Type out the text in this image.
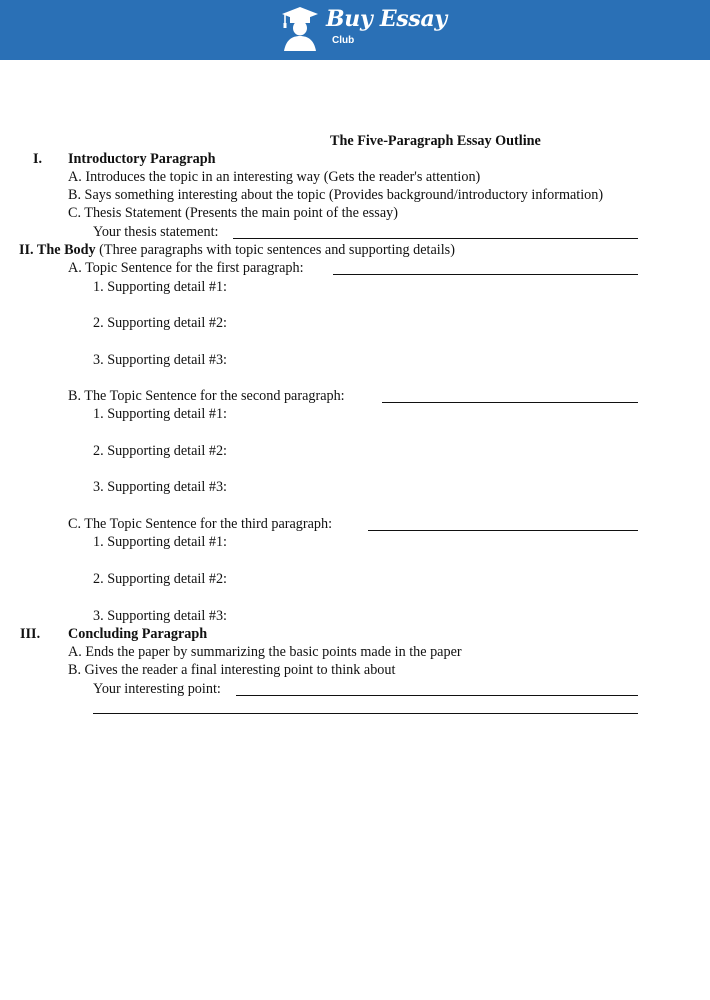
Buy Essay
Club
The Five-Paragraph Essay Outline
I. Introductory Paragraph
A. Introduces the topic in an interesting way (Gets the reader's attention)
B. Says something interesting about the topic (Provides background/introductory information)
C. Thesis Statement (Presents the main point of the essay)
Your thesis statement:
II. The Body (Three paragraphs with topic sentences and supporting details)
A. Topic Sentence for the first paragraph:
1. Supporting detail #1:
2. Supporting detail #2:
3. Supporting detail #3:
B. The Topic Sentence for the second paragraph:
1. Supporting detail #1:
2. Supporting detail #2:
3. Supporting detail #3:
C. The Topic Sentence for the third paragraph:
1. Supporting detail #1:
2. Supporting detail #2:
3. Supporting detail #3:
III. Concluding Paragraph
A. Ends the paper by summarizing the basic points made in the paper
B. Gives the reader a final interesting point to think about
Your interesting point:
